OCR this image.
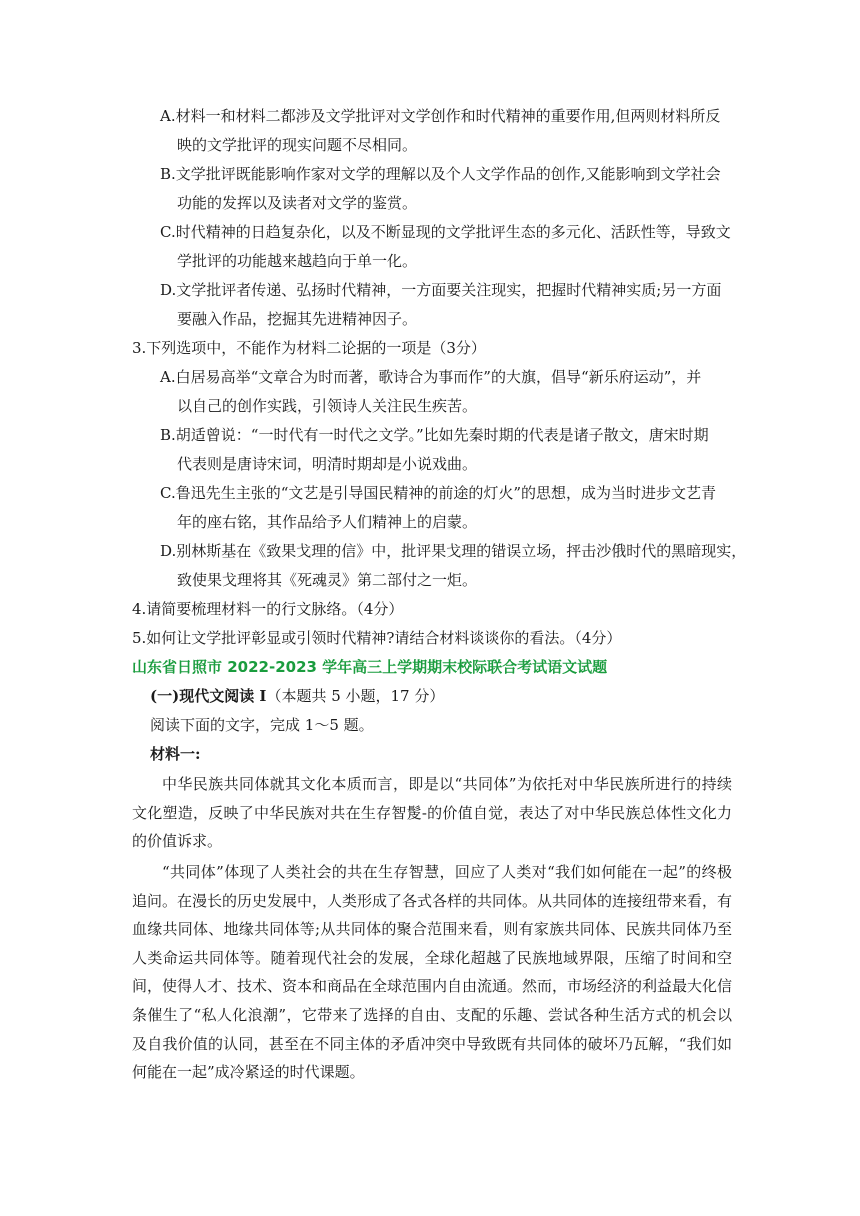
A.材料一和材料二都涉及文学批评对文学创作和时代精神的重要作用,但两则材料所反
映的文学批评的现实问题不尽相同。
B.文学批评既能影响作家对文学的理解以及个人文学作品的创作,又能影响到文学社会
功能的发挥以及读者对文学的鉴赏。
C.时代精神的日趋复杂化，以及不断显现的文学批评生态的多元化、活跃性等，导致文
学批评的功能越来越趋向于单一化。
D.文学批评者传递、弘扬时代精神，一方面要关注现实，把握时代精神实质;另一方面
要融入作品，挖掘其先进精神因子。
3.下列选项中，不能作为材料二论据的一项是（3分）
A.白居易高举“文章合为时而著，歌诗合为事而作”的大旗，倡导“新乐府运动”，并
以自己的创作实践，引领诗人关注民生疾苦。
B.胡适曾说：“一时代有一时代之文学。”比如先秦时期的代表是诸子散文，唐宋时期
代表则是唐诗宋词，明清时期却是小说戏曲。
C.鲁迅先生主张的“文艺是引导国民精神的前途的灯火”的思想，成为当时进步文艺青
年的座右铭，其作品给予人们精神上的启蒙。
D.别林斯基在《致果戈理的信》中，批评果戈理的错误立场，抨击沙俄时代的黑暗现实，
致使果戈理将其《死魂灵》第二部付之一炬。
4.请简要梳理材料一的行文脉络。（4分）
5.如何让文学批评彰显或引领时代精神?请结合材料谈谈你的看法。（4分）
山东省日照市 2022-2023 学年高三上学期期末校际联合考试语文试题
(一)现代文阅读 I（本题共 5 小题，17 分）
阅读下面的文字，完成 1～5 题。
材料一:
中华民族共同体就其文化本质而言，即是以“共同体”为依托对中华民族所进行的持续文化塑造，反映了中华民族对共在生存智髲-的价值自觉，表达了对中华民族总体性文化力的价值诉求。
“共同体”体现了人类社会的共在生存智慧，回应了人类对“我们如何能在一起”的终极追问。在漫长的历史发展中，人类形成了各式各样的共同体。从共同体的连接纽带来看，有血缘共同体、地缘共同体等;从共同体的聚合范围来看，则有家族共同体、民族共同体乃至人类命运共同体等。随着现代社会的发展，全球化超越了民族地域界限，压缩了时间和空间，使得人才、技术、资本和商品在全球范围内自由流通。然而，市场经济的利益最大化信条催生了“私人化浪潮”，它带来了选择的自由、支配的乐趣、尝试各种生活方式的机会以及自我价值的认同，甚至在不同主体的矛盾冲突中导致既有共同体的破坏乃瓦解，“我们如何能在一起”成冷紧迳的时代课题。
